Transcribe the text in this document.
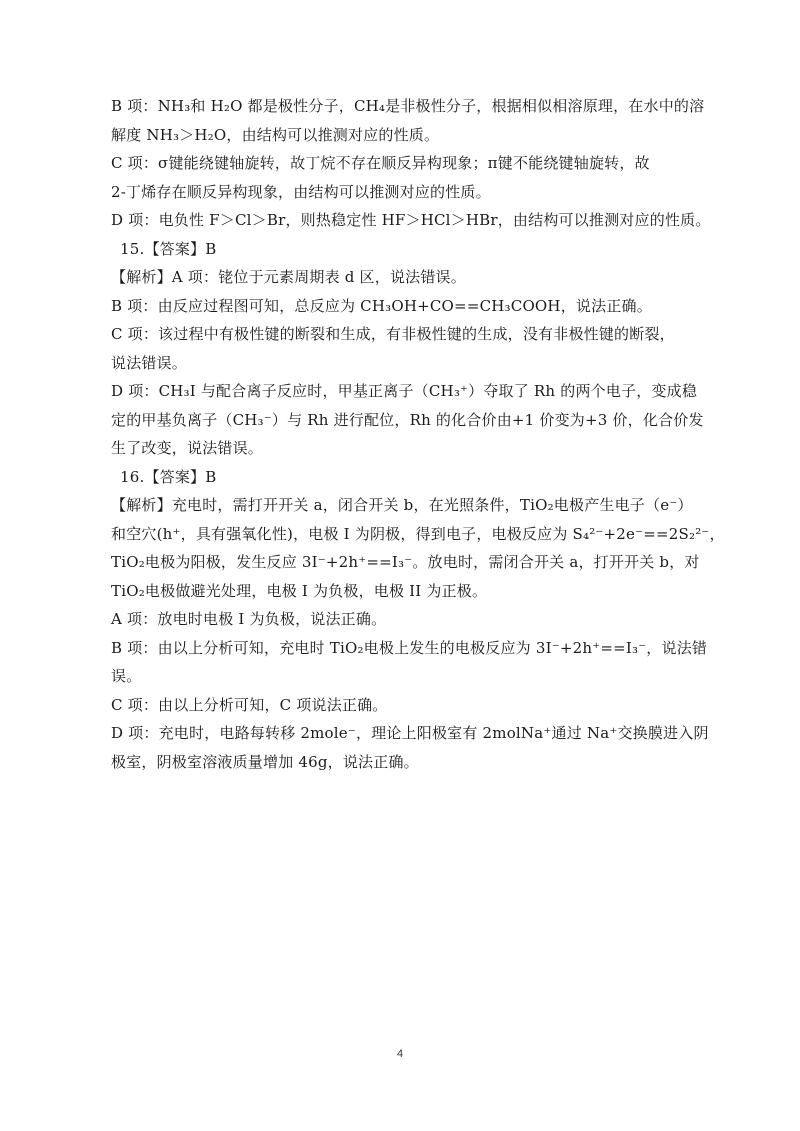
B 项：NH₃和 H₂O 都是极性分子，CH₄是非极性分子，根据相似相溶原理，在水中的溶
解度 NH₃＞H₂O，由结构可以推测对应的性质。
C 项：σ键能绕键轴旋转，故丁烷不存在顺反异构现象；π键不能绕键轴旋转，故
2-丁烯存在顺反异构现象，由结构可以推测对应的性质。
D 项：电负性 F＞Cl＞Br，则热稳定性 HF＞HCl＞HBr，由结构可以推测对应的性质。
15.【答案】B
【解析】A 项：铑位于元素周期表 d 区，说法错误。
B 项：由反应过程图可知，总反应为 CH₃OH+CO==CH₃COOH，说法正确。
C 项：该过程中有极性键的断裂和生成，有非极性键的生成，没有非极性键的断裂，
说法错误。
D 项：CH₃I 与配合离子反应时，甲基正离子（CH₃⁺）夺取了 Rh 的两个电子，变成稳
定的甲基负离子（CH₃⁻）与 Rh 进行配位，Rh 的化合价由+1 价变为+3 价，化合价发
生了改变，说法错误。
16.【答案】B
【解析】充电时，需打开开关 a，闭合开关 b，在光照条件，TiO₂电极产生电子（e⁻）
和空穴(h⁺，具有强氧化性)，电极 I 为阴极，得到电子，电极反应为 S₄²⁻+2e⁻==2S₂²⁻，
TiO₂电极为阳极，发生反应 3I⁻+2h⁺==I₃⁻。放电时，需闭合开关 a，打开开关 b，对
TiO₂电极做避光处理，电极 I 为负极，电极 II 为正极。
A 项：放电时电极 I 为负极，说法正确。
B 项：由以上分析可知，充电时 TiO₂电极上发生的电极反应为 3I⁻+2h⁺==I₃⁻，说法错
误。
C 项：由以上分析可知，C 项说法正确。
D 项：充电时，电路每转移 2mole⁻，理论上阳极室有 2molNa⁺通过 Na⁺交换膜进入阴
极室，阴极室溶液质量增加 46g，说法正确。
4
